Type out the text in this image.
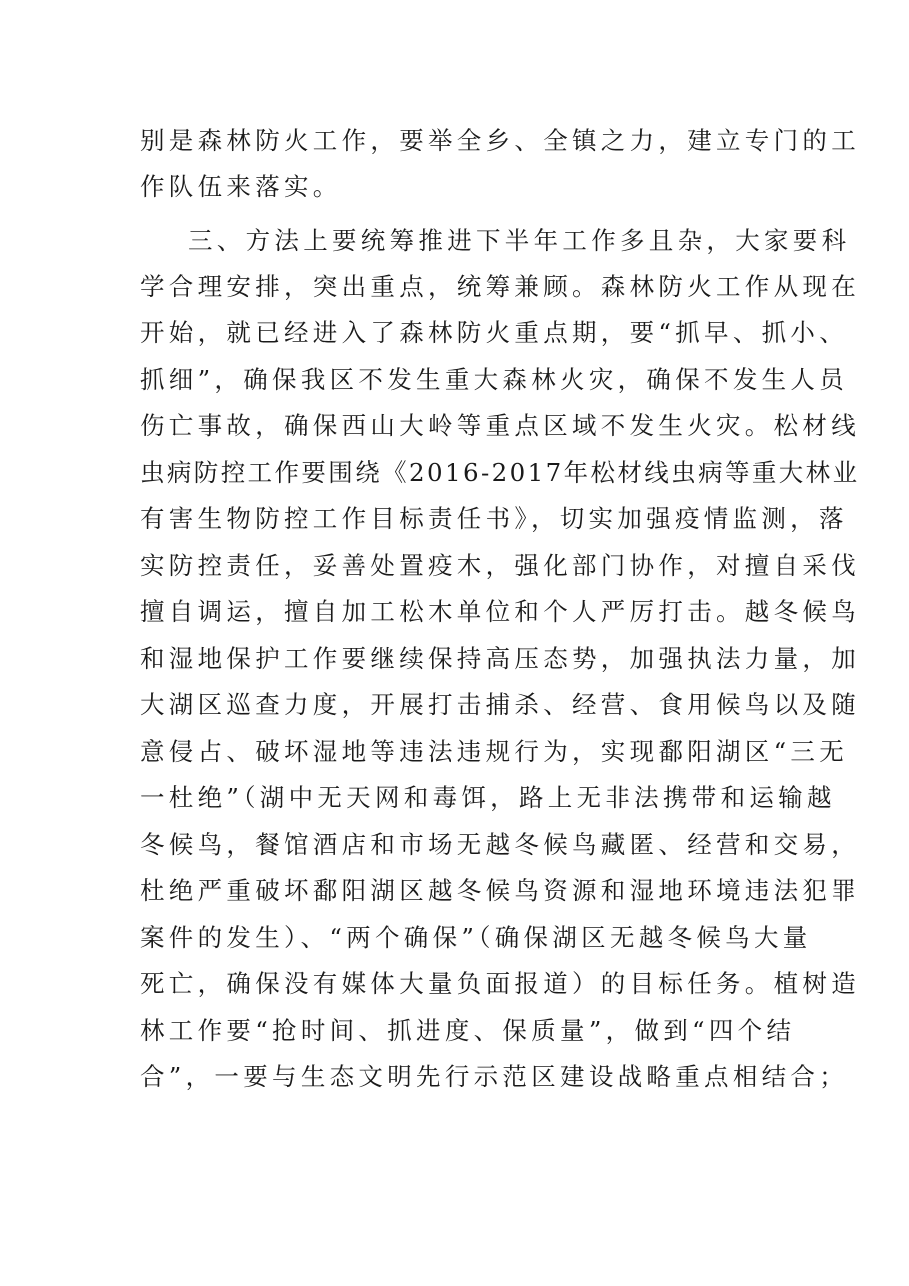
别是森林防火工作，要举全乡、全镇之力，建立专门的工
作队伍来落实。
三、方法上要统筹推进下半年工作多且杂，大家要科
学合理安排，突出重点，统筹兼顾。森林防火工作从现在
开始，就已经进入了森林防火重点期，要“抓早、抓小、
抓细”，确保我区不发生重大森林火灾，确保不发生人员
伤亡事故，确保西山大岭等重点区域不发生火灾。松材线
虫病防控工作要围绕《2016-2017年松材线虫病等重大林业
有害生物防控工作目标责任书》，切实加强疫情监测，落
实防控责任，妥善处置疫木，强化部门协作，对擅自采伐
擅自调运，擅自加工松木单位和个人严厉打击。越冬候鸟
和湿地保护工作要继续保持高压态势，加强执法力量，加
大湖区巡查力度，开展打击捕杀、经营、食用候鸟以及随
意侵占、破坏湿地等违法违规行为，实现鄱阳湖区“三无
一杜绝”（湖中无天网和毒饵，路上无非法携带和运输越
冬候鸟，餐馆酒店和市场无越冬候鸟藏匿、经营和交易，
杜绝严重破坏鄱阳湖区越冬候鸟资源和湿地环境违法犯罪
案件的发生）、“两个确保”（确保湖区无越冬候鸟大量
死亡，确保没有媒体大量负面报道）的目标任务。植树造
林工作要“抢时间、抓进度、保质量”，做到“四个结
合”，一要与生态文明先行示范区建设战略重点相结合；
